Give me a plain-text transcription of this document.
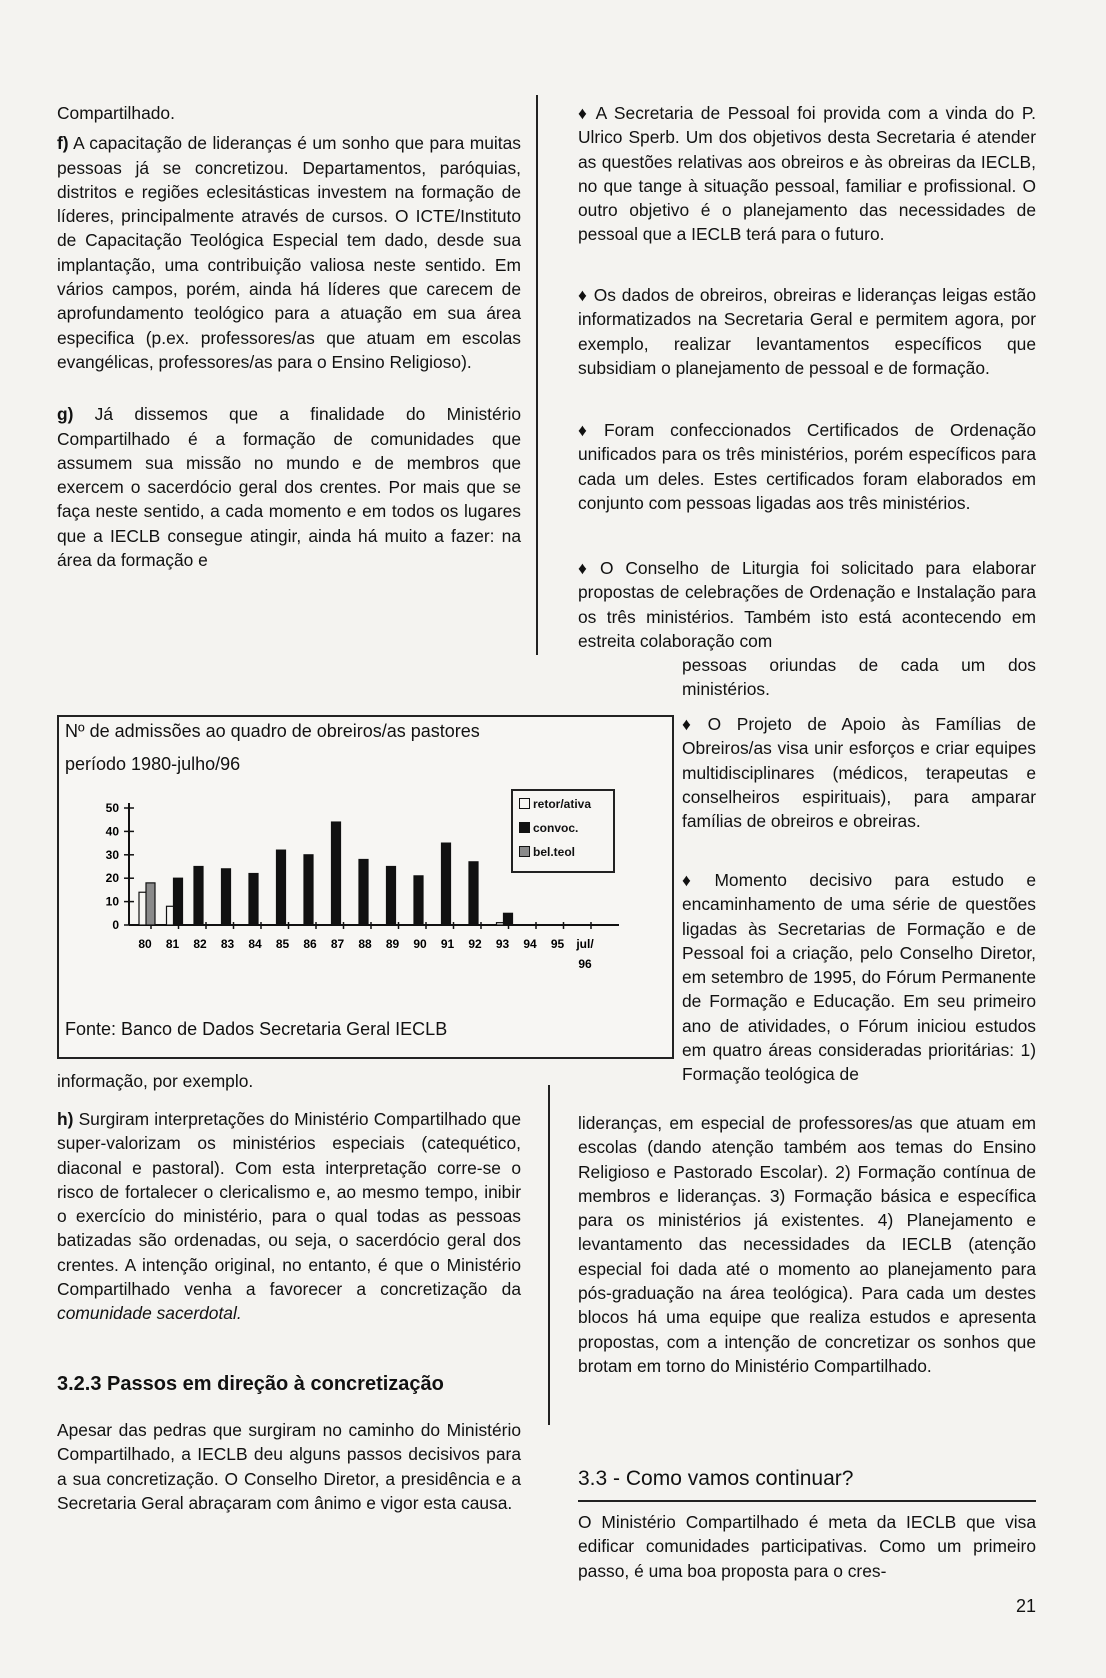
Compartilhado.

f) A capacitação de lideranças é um sonho que para muitas pessoas já se concretizou. Departamentos, paróquias, distritos e regiões eclesitásticas investem na formação de líderes, principalmente através de cursos. O ICTE/Instituto de Capacitação Teológica Especial tem dado, desde sua implantação, uma contribuição valiosa neste sentido. Em vários campos, porém, ainda há líderes que carecem de aprofundamento teológico para a atuação em sua área especifica (p.ex. professores/as que atuam em escolas evangélicas, professores/as para o Ensino Religioso).

g) Já dissemos que a finalidade do Ministério Compartilhado é a formação de comunidades que assumem sua missão no mundo e de membros que exercem o sacerdócio geral dos crentes. Por mais que se faça neste sentido, a cada momento e em todos os lugares que a IECLB consegue atingir, ainda há muito a fazer: na área da formação e

Nº de admissões ao quadro de obreiros/as pastores
período 1980-julho/96
50
40
30
20
10
0
80 81 82 83 84 85 86 87 88 89 90 91 92 93 94 95 jul/
96
retor/ativa
convoc.
bel.teol
Fonte: Banco de Dados Secretaria Geral IECLB
informação, por exemplo.
h) Surgiram interpretações do Ministério Compartilhado que super-valorizam os ministérios especiais (catequético, diaconal e pastoral). Com esta interpretação corre-se o risco de fortalecer o clericalismo e, ao mesmo tempo, inibir o exercício do ministério, para o qual todas as pessoas batizadas são ordenadas, ou seja, o sacerdócio geral dos crentes. A intenção original, no entanto, é que o Ministério Compartilhado venha a favorecer a concretização da comunidade sacerdotal.
3.2.3 Passos em direção à concretização
Apesar das pedras que surgiram no caminho do Ministério Compartilhado, a IECLB deu alguns passos decisivos para a sua concretização. O Conselho Diretor, a presidência e a Secretaria Geral abraçaram com ânimo e vigor esta causa.
♦ A Secretaria de Pessoal foi provida com a vinda do P. Ulrico Sperb. Um dos objetivos desta Secretaria é atender as questões relativas aos obreiros e às obreiras da IECLB, no que tange à situação pessoal, familiar e profissional. O outro objetivo é o planejamento das necessidades de pessoal que a IECLB terá para o futuro.
♦ Os dados de obreiros, obreiras e lideranças leigas estão informatizados na Secretaria Geral e permitem agora, por exemplo, realizar levantamentos específicos que subsidiam o planejamento de pessoal e de formação.
♦ Foram confeccionados Certificados de Ordenação unificados para os três ministérios, porém específicos para cada um deles. Estes certificados foram elaborados em conjunto com pessoas ligadas aos três ministérios.
♦ O Conselho de Liturgia foi solicitado para elaborar propostas de celebrações de Ordenação e Instalação para os três ministérios. Também isto está acontecendo em estreita colaboração com
pessoas oriundas de cada um dos ministérios.
♦ O Projeto de Apoio às Famílias de Obreiros/as visa unir esforços e criar equipes multidisciplinares (médicos, terapeutas e conselheiros espirituais), para amparar famílias de obreiros e obreiras.
♦ Momento decisivo para estudo e encaminhamento de uma série de questões ligadas às Secretarias de Formação e de Pessoal foi a criação, pelo Conselho Diretor, em setembro de 1995, do Fórum Permanente de Formação e Educação. Em seu primeiro ano de atividades, o Fórum iniciou estudos em quatro áreas consideradas prioritárias: 1) Formação teológica de
lideranças, em especial de professores/as que atuam em escolas (dando atenção também aos temas do Ensino Religioso e Pastorado Escolar). 2) Formação contínua de membros e lideranças. 3) Formação básica e específica para os ministérios já existentes. 4) Planejamento e levantamento das necessidades da IECLB (atenção especial foi dada até o momento ao planejamento para pós-graduação na área teológica). Para cada um destes blocos há uma equipe que realiza estudos e apresenta propostas, com a intenção de concretizar os sonhos que brotam em torno do Ministério Compartilhado.
3.3 - Como vamos continuar?
O Ministério Compartilhado é meta da IECLB que visa edificar comunidades participativas. Como um primeiro passo, é uma boa proposta para o cres-
21
